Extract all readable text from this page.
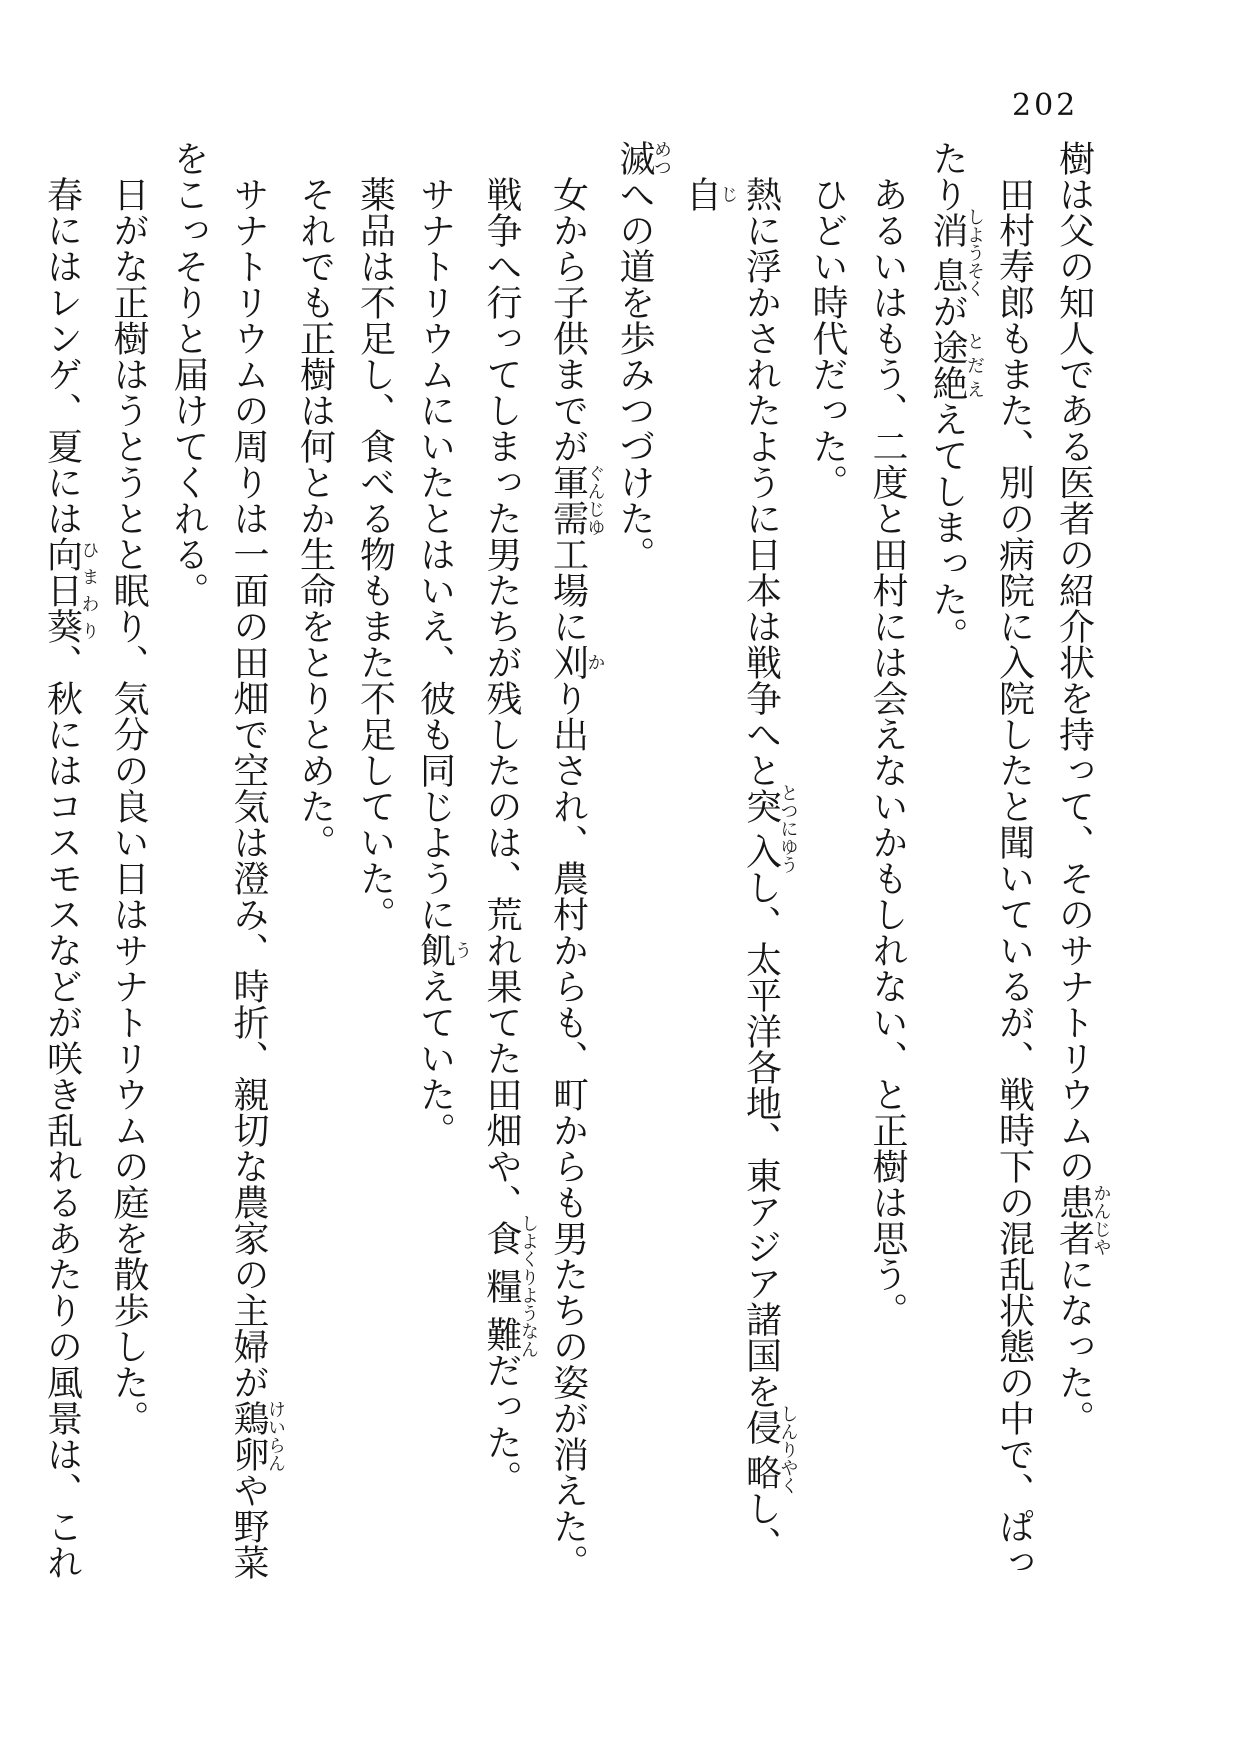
202
樹は父の知人である医者の紹介状を持って、そのサナトリウムの患者かんじやになった。
田村寿郎もまた、別の病院に入院したと聞いているが、戦時下の混乱状態の中で、ぱっ
たり消息しようそくが途絶とだええてしまった。
あるいはもう、二度と田村には会えないかもしれない、と正樹は思う。
ひどい時代だった。
熱に浮かされたように日本は戦争へと突入とつにゆうし、太平洋各地、東アジア諸国を侵略しんりやくし、自じ
滅めつへの道を歩みつづけた。
女から子供までが軍需ぐんじゆ工場に刈かり出され、農村からも、町からも男たちの姿が消えた。
戦争へ行ってしまった男たちが残したのは、荒れ果てた田畑や、食糧難しよくりようなんだった。
サナトリウムにいたとはいえ、彼も同じように飢うえていた。
薬品は不足し、食べる物もまた不足していた。
それでも正樹は何とか生命をとりとめた。
サナトリウムの周りは一面の田畑で空気は澄み、時折、親切な農家の主婦が鶏卵けいらんや野菜
をこっそりと届けてくれる。
日がな正樹はうとうとと眠り、気分の良い日はサナトリウムの庭を散歩した。
春にはレンゲ、夏には向日葵ひまわり、秋にはコスモスなどが咲き乱れるあたりの風景は、これ
